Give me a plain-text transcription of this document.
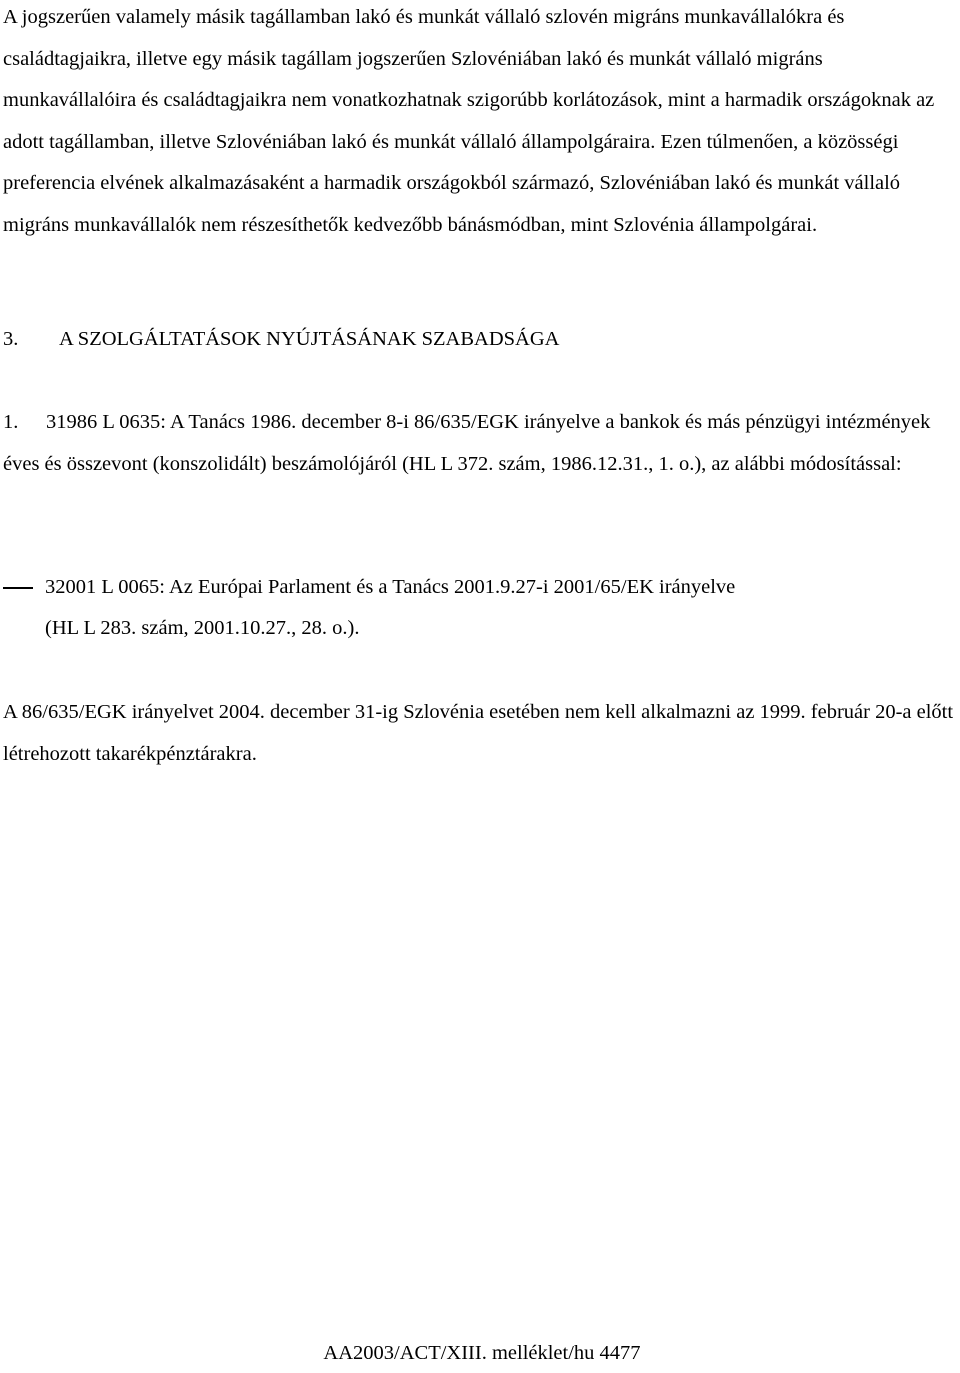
A jogszerűen valamely másik tagállamban lakó és munkát vállaló szlovén migráns munkavállalókra és családtagjaikra, illetve egy másik tagállam jogszerűen Szlovéniában lakó és munkát vállaló migráns munkavállalóira és családtagjaikra nem vonatkozhatnak szigorúbb korlátozások, mint a harmadik országoknak az adott tagállamban, illetve Szlovéniában lakó és munkát vállaló állampolgáraira. Ezen túlmenően, a közösségi preferencia elvének alkalmazásaként a harmadik országokból származó, Szlovéniában lakó és munkát vállaló migráns munkavállalók nem részesíthetők kedvezőbb bánásmódban, mint Szlovénia állampolgárai.

3. A SZOLGÁLTATÁSOK NYÚJTÁSÁNAK SZABADSÁGA

1. 31986 L 0635: A Tanács 1986. december 8-i 86/635/EGK irányelve a bankok és más pénzügyi intézmények éves és összevont (konszolidált) beszámolójáról (HL L 372. szám, 1986.12.31., 1. o.), az alábbi módosítással:

32001 L 0065: Az Európai Parlament és a Tanács 2001.9.27-i 2001/65/EK irányelve
(HL L 283. szám, 2001.10.27., 28. o.).

A 86/635/EGK irányelvet 2004. december 31-ig Szlovénia esetében nem kell alkalmazni az 1999. február 20-a előtt létrehozott takarékpénztárakra.

AA2003/ACT/XIII. melléklet/hu 4477
